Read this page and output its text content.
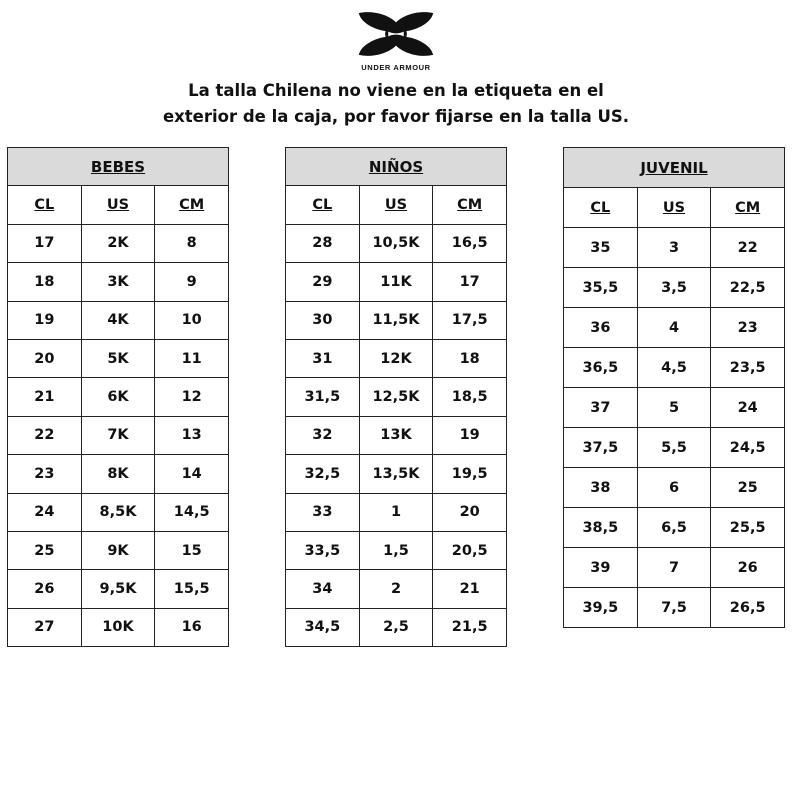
UNDER ARMOUR
La talla Chilena no viene en la etiqueta en el
exterior de la caja, por favor fijarse en la talla US.
BEBES		
CL	US	CM
17	2K	8
18	3K	9
19	4K	10
20	5K	11
21	6K	12
22	7K	13
23	8K	14
24	8,5K	14,5
25	9K	15
26	9,5K	15,5
27	10K	16
NIÑOS		
CL	US	CM
28	10,5K	16,5
29	11K	17
30	11,5K	17,5
31	12K	18
31,5	12,5K	18,5
32	13K	19
32,5	13,5K	19,5
33	1	20
33,5	1,5	20,5
34	2	21
34,5	2,5	21,5
JUVENIL		
CL	US	CM
35	3	22
35,5	3,5	22,5
36	4	23
36,5	4,5	23,5
37	5	24
37,5	5,5	24,5
38	6	25
38,5	6,5	25,5
39	7	26
39,5	7,5	26,5
